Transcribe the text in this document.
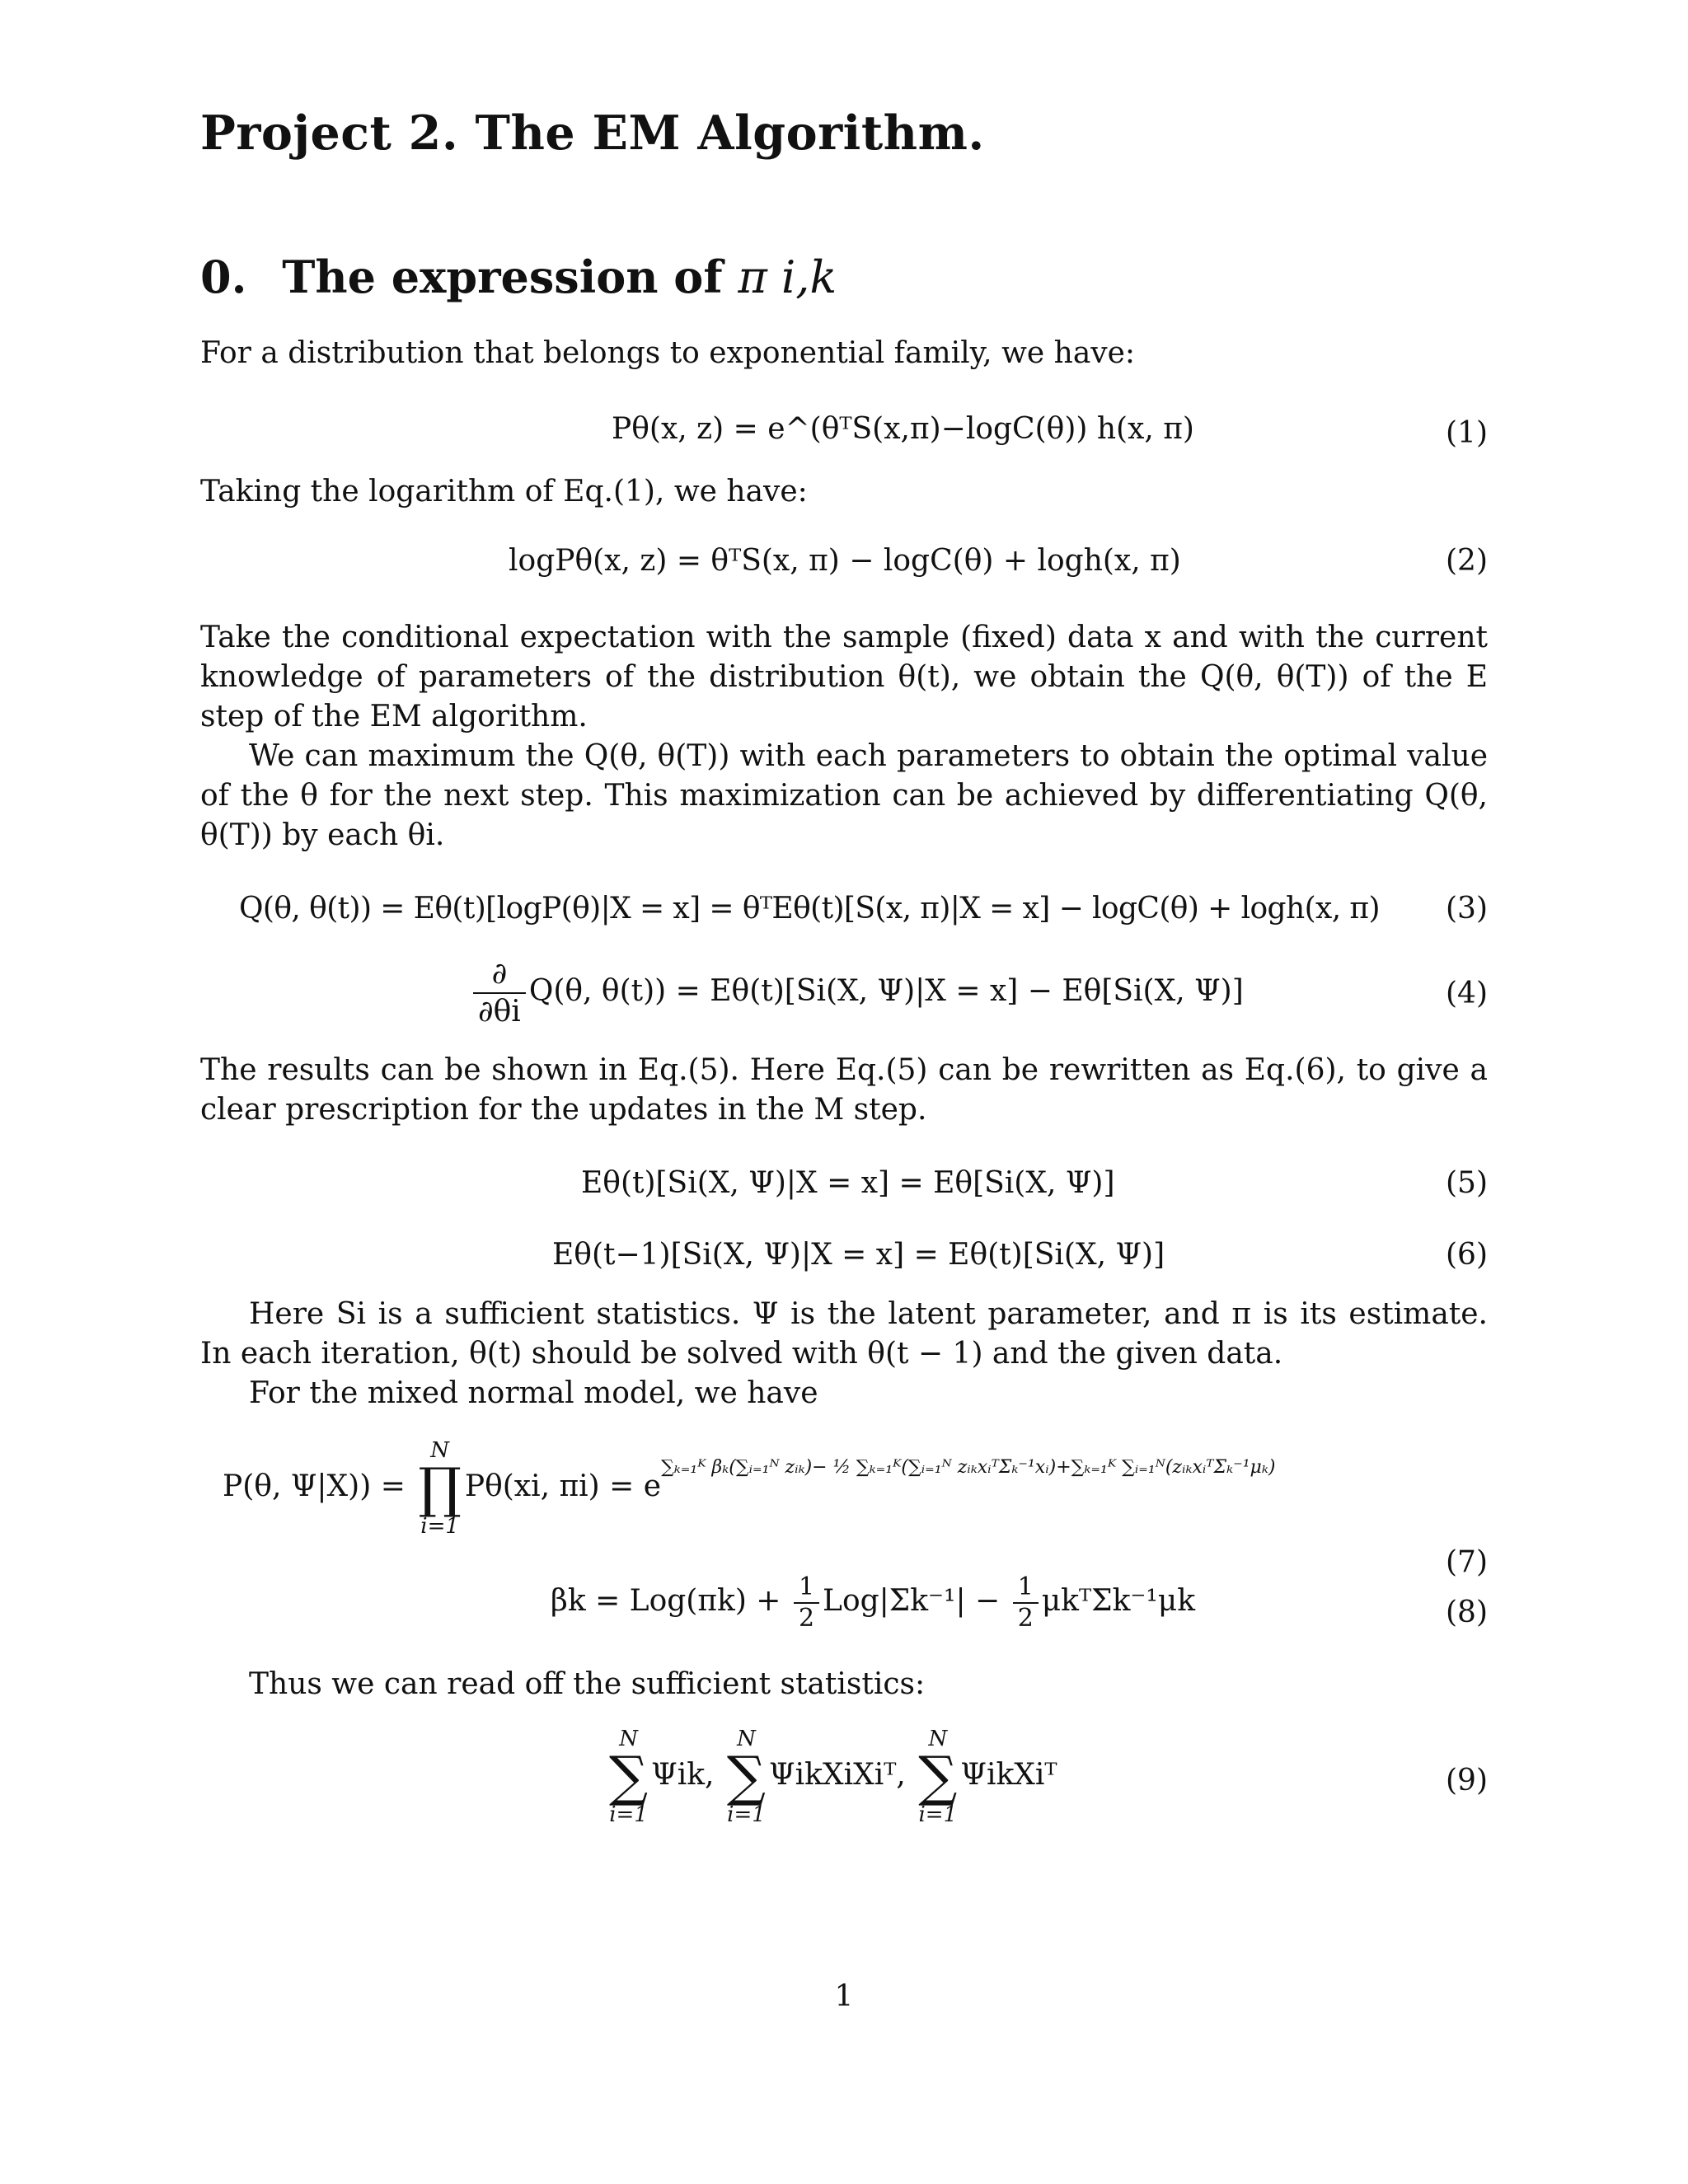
Project 2. The EM Algorithm.
0. The expression of π i,k
For a distribution that belongs to exponential family, we have:
Pθ(x, z) = e^(θᵀS(x,π)−logC(θ)) h(x, π)	(1)
Taking the logarithm of Eq.(1), we have:
logPθ(x, z) = θᵀS(x, π) − logC(θ) + logh(x, π)	(2)
Take the conditional expectation with the sample (fixed) data x and with the current knowledge of parameters of the distribution θ(t), we obtain the Q(θ, θ(T)) of the E step of the EM algorithm.
We can maximum the Q(θ, θ(T)) with each parameters to obtain the optimal value of the θ for the next step. This maximization can be achieved by differentiating Q(θ, θ(T)) by each θi.
Q(θ, θ(t)) = Eθ(t)[logP(θ)|X = x] = θᵀEθ(t)[S(x, π)|X = x] − logC(θ) + logh(x, π) (3)
$\frac{\partial}{\partial\theta i} Q(\theta$, θ(t)) = Eθ(t)[Si(X, Ψ)|X = x] − Eθ[Si(X, Ψ)]	(4)
The results can be shown in Eq.(5). Here Eq.(5) can be rewritten as Eq.(6), to give a clear prescription for the updates in the M step.
Eθ(t)[Si(X, Ψ)|X = x] = Eθ[Si(X, Ψ)]	(5)
Eθ(t−1)[Si(X, Ψ)|X = x] = Eθ(t)[Si(X, Ψ)]	(6)
Here Si is a sufficient statistics. Ψ is the latent parameter, and π is its estimate. In each iteration, θ(t) should be solved with θ(t − 1) and the given data.
For the mixed normal model, we have
P(θ, Ψ|X)) =
N
∏
i=1
Pθ(xi, $\pi i) = e^{\sum_{k=1}ᴷ \beta_k(\sum ᵢ_{=1}ᴺ zᵢ_k)- \frac{1}{2} \sum_{k=1}ᴷ(\sum ᵢ_{=1}ᴺ zᵢ_kxᵢᵀ\Sigma_k^{-1}xᵢ)+\sum_{k=1}ᴷ \sum ᵢ_{=1}ᴺ(zᵢ_kxᵢᵀ\Sigma_k^{-1}\mu_k)}$
(7)
$\beta k = Log(\pi k) + \frac{1}{2} Log|\Sigma k^{-1}| - \frac{1}{2}$ μkᵀΣk⁻¹μk	(8)
Thus we can read off the sufficient statistics:
N
∑
i=1
Ψik,
N
∑
i=1
ΨikXiXiᵀ,
N
∑
i=1
ΨikXiᵀ	(9)
1
